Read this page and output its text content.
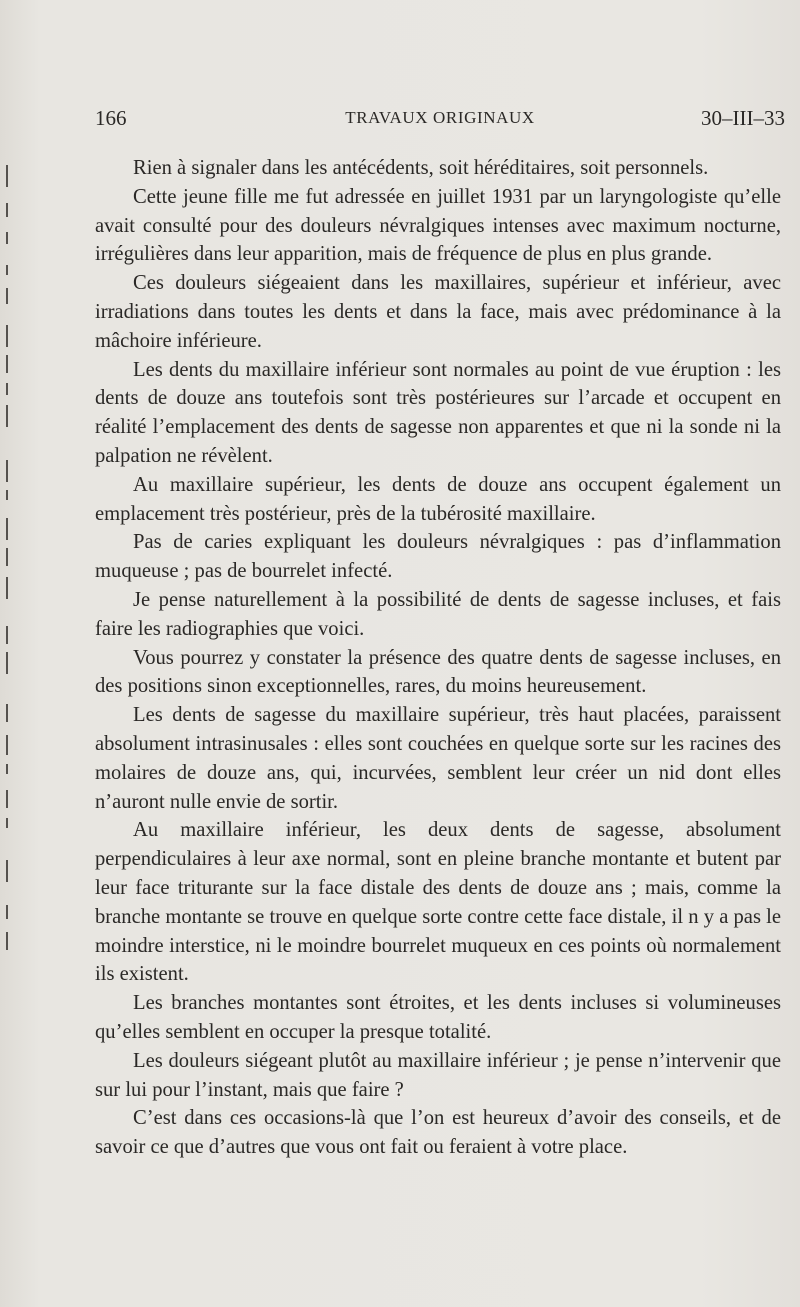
166	TRAVAUX ORIGINAUX	30–III–33

Rien à signaler dans les antécédents, soit héréditaires, soit personnels.

Cette jeune fille me fut adressée en juillet 1931 par un laryngologiste qu’elle avait consulté pour des douleurs névralgiques intenses avec maximum nocturne, irrégulières dans leur apparition, mais de fréquence de plus en plus grande.

Ces douleurs siégeaient dans les maxillaires, supérieur et inférieur, avec irradiations dans toutes les dents et dans la face, mais avec prédominance à la mâchoire inférieure.

Les dents du maxillaire inférieur sont normales au point de vue éruption : les dents de douze ans toutefois sont très postérieures sur l’arcade et occupent en réalité l’emplacement des dents de sagesse non apparentes et que ni la sonde ni la palpation ne révèlent.

Au maxillaire supérieur, les dents de douze ans occupent également un emplacement très postérieur, près de la tubérosité maxillaire.

Pas de caries expliquant les douleurs névralgiques : pas d’inflammation muqueuse ; pas de bourrelet infecté.

Je pense naturellement à la possibilité de dents de sagesse incluses, et fais faire les radiographies que voici.

Vous pourrez y constater la présence des quatre dents de sagesse incluses, en des positions sinon exceptionnelles, rares, du moins heureusement.

Les dents de sagesse du maxillaire supérieur, très haut placées, paraissent absolument intrasinusales : elles sont couchées en quelque sorte sur les racines des molaires de douze ans, qui, incurvées, semblent leur créer un nid dont elles n’auront nulle envie de sortir.

Au maxillaire inférieur, les deux dents de sagesse, absolument perpendiculaires à leur axe normal, sont en pleine branche montante et butent par leur face triturante sur la face distale des dents de douze ans ; mais, comme la branche montante se trouve en quelque sorte contre cette face distale, il n y a pas le moindre interstice, ni le moindre bourrelet muqueux en ces points où normalement ils existent.

Les branches montantes sont étroites, et les dents incluses si volumineuses qu’elles semblent en occuper la presque totalité.

Les douleurs siégeant plutôt au maxillaire inférieur ; je pense n’intervenir que sur lui pour l’instant, mais que faire ?

C’est dans ces occasions-là que l’on est heureux d’avoir des conseils, et de savoir ce que d’autres que vous ont fait ou feraient à votre place.
